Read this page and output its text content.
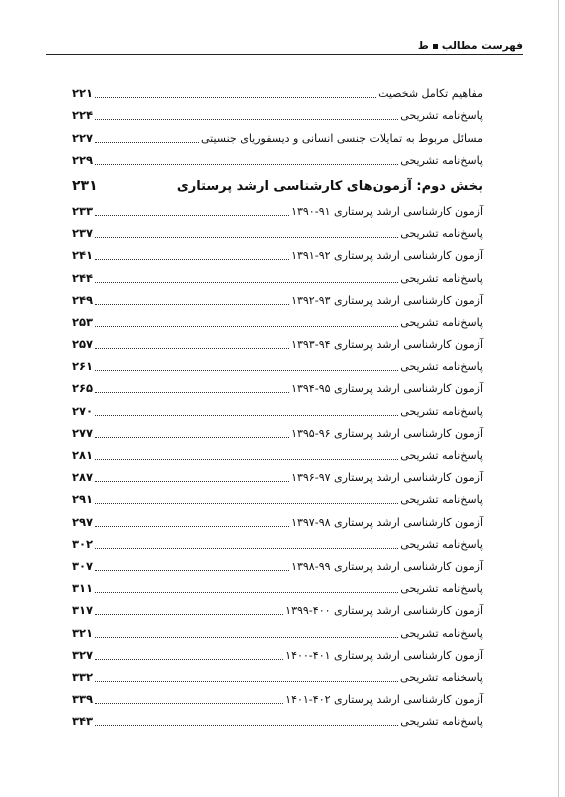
فهرست مطالب
ط
مفاهیم تکامل شخصیت
۲۲۱
پاسخ‌نامه تشریحی
۲۲۴
مسائل مربوط به تمایلات جنسی انسانی و دیسفوریای جنسیتی
۲۲۷
پاسخ‌نامه تشریحی
۲۲۹
بخش دوم: آزمون‌های کارشناسی ارشد پرستاری
۲۳۱
آزمون کارشناسی ارشد پرستاری ۹۱-۱۳۹۰
۲۳۳
پاسخ‌نامه تشریحی
۲۳۷
آزمون کارشناسی ارشد پرستاری ۹۲-۱۳۹۱
۲۴۱
پاسخ‌نامه تشریحی
۲۴۴
آزمون کارشناسی ارشد پرستاری ۹۳-۱۳۹۲
۲۴۹
پاسخ‌نامه تشریحی
۲۵۳
آزمون کارشناسی ارشد پرستاری ۹۴-۱۳۹۳
۲۵۷
پاسخ‌نامه تشریحی
۲۶۱
آزمون کارشناسی ارشد پرستاری ۹۵-۱۳۹۴
۲۶۵
پاسخ‌نامه تشریحی
۲۷۰
آزمون کارشناسی ارشد پرستاری ۹۶-۱۳۹۵
۲۷۷
پاسخ‌نامه تشریحی
۲۸۱
آزمون کارشناسی ارشد پرستاری ۹۷-۱۳۹۶
۲۸۷
پاسخ‌نامه تشریحی
۲۹۱
آزمون کارشناسی ارشد پرستاری ۹۸-۱۳۹۷
۲۹۷
پاسخ‌نامه تشریحی
۳۰۲
آزمون کارشناسی ارشد پرستاری ۹۹-۱۳۹۸
۳۰۷
پاسخ‌نامه تشریحی
۳۱۱
آزمون کارشناسی ارشد پرستاری ۴۰۰-۱۳۹۹
۳۱۷
پاسخ‌نامه تشریحی
۳۲۱
آزمون کارشناسی ارشد پرستاری ۴۰۱-۱۴۰۰
۳۲۷
پاسخنامه تشریحی
۳۳۲
آزمون کارشناسی ارشد پرستاری ۴۰۲-۱۴۰۱
۳۳۹
پاسخ‌نامه تشریحی
۳۴۳
